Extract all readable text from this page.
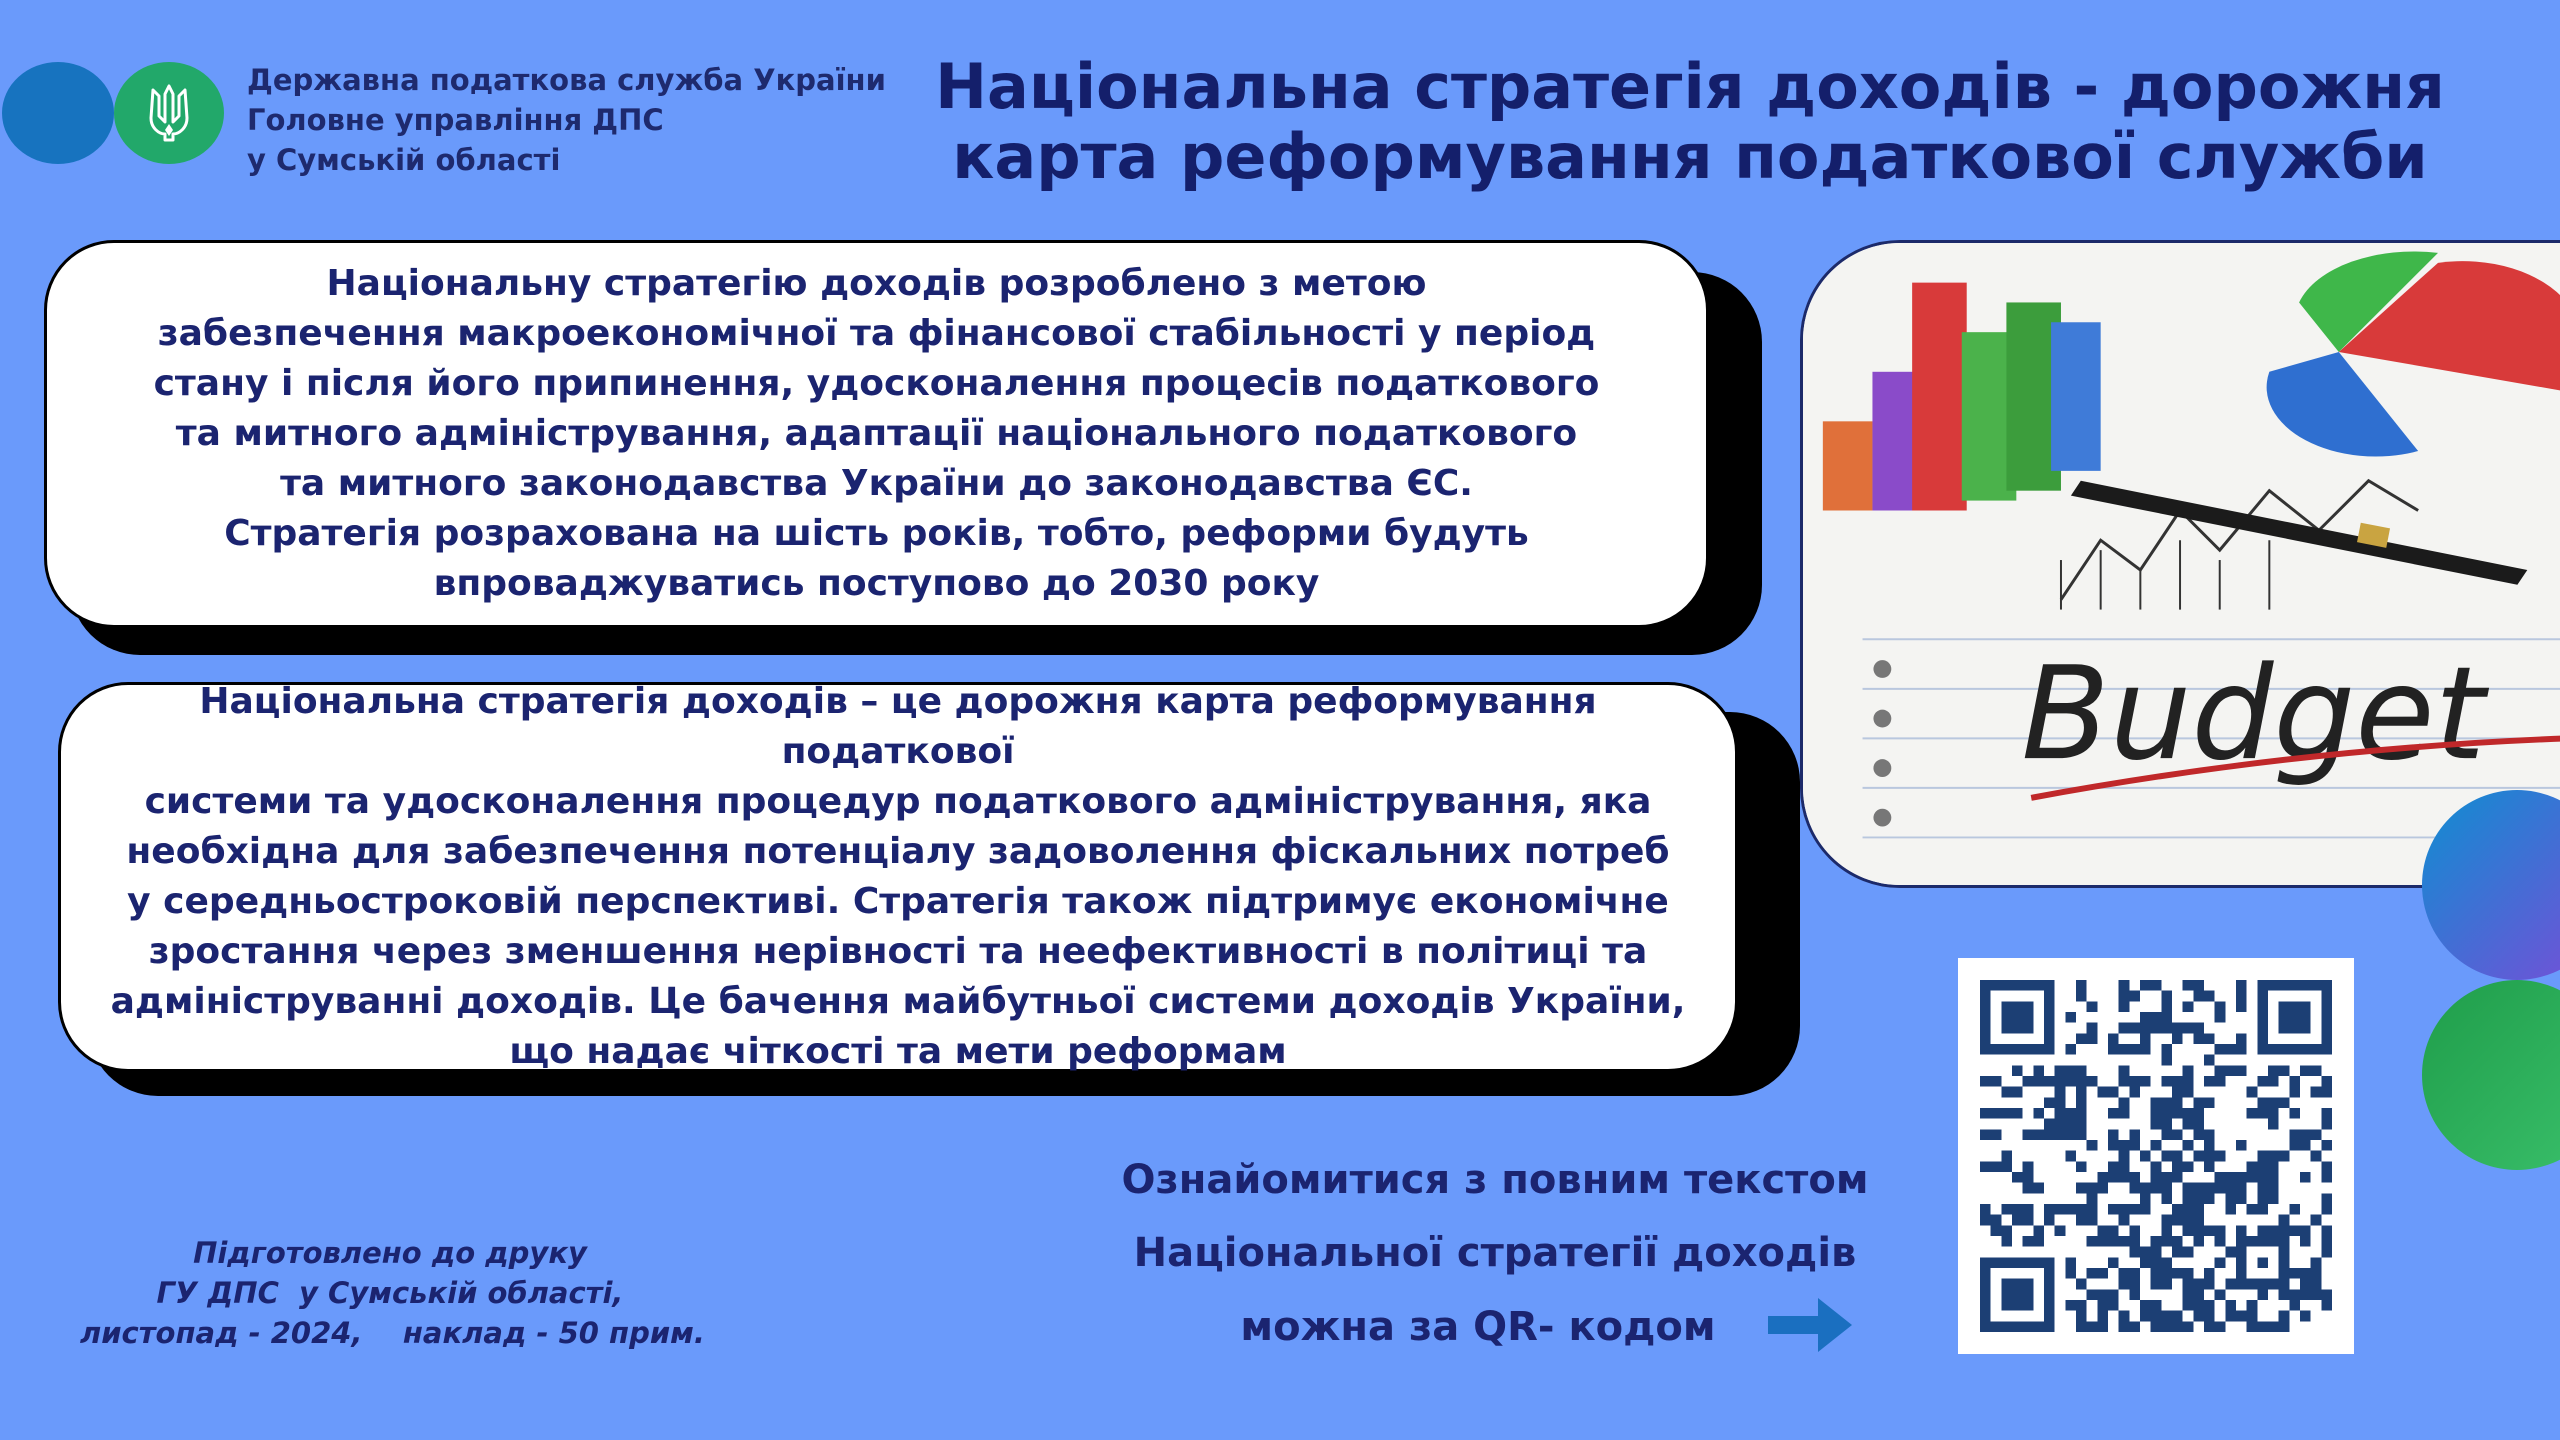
Державна податкова служба України
Головне управління ДПС
у Сумській області
Національна стратегія доходів - дорожня
карта реформування податкової служби
Національну стратегію доходів розроблено з метою
забезпечення макроекономічної та фінансової стабільності у період
стану і після його припинення, удосконалення процесів податкового
та митного адміністрування, адаптації національного податкового
та митного законодавства України до законодавства ЄС.
Стратегія розрахована на шість років, тобто, реформи будуть
впроваджуватись поступово до 2030 року
Національна стратегія доходів – це дорожня карта реформування податкової
системи та удосконалення процедур податкового адміністрування, яка
необхідна для забезпечення потенціалу задоволення фіскальних потреб
у середньостроковій перспективі. Стратегія також підтримує економічне
зростання через зменшення нерівності та неефективності в політиці та
адмініструванні доходів. Це бачення майбутньої системи доходів України,
що надає чіткості та мети реформам
Budget
Ознайомитися з повним текстом
Національної стратегії доходів
можна за QR- кодом
Підготовлено до друку
ГУ ДПС  у Сумській області,
листопад - 2024,    наклад - 50 прим.
